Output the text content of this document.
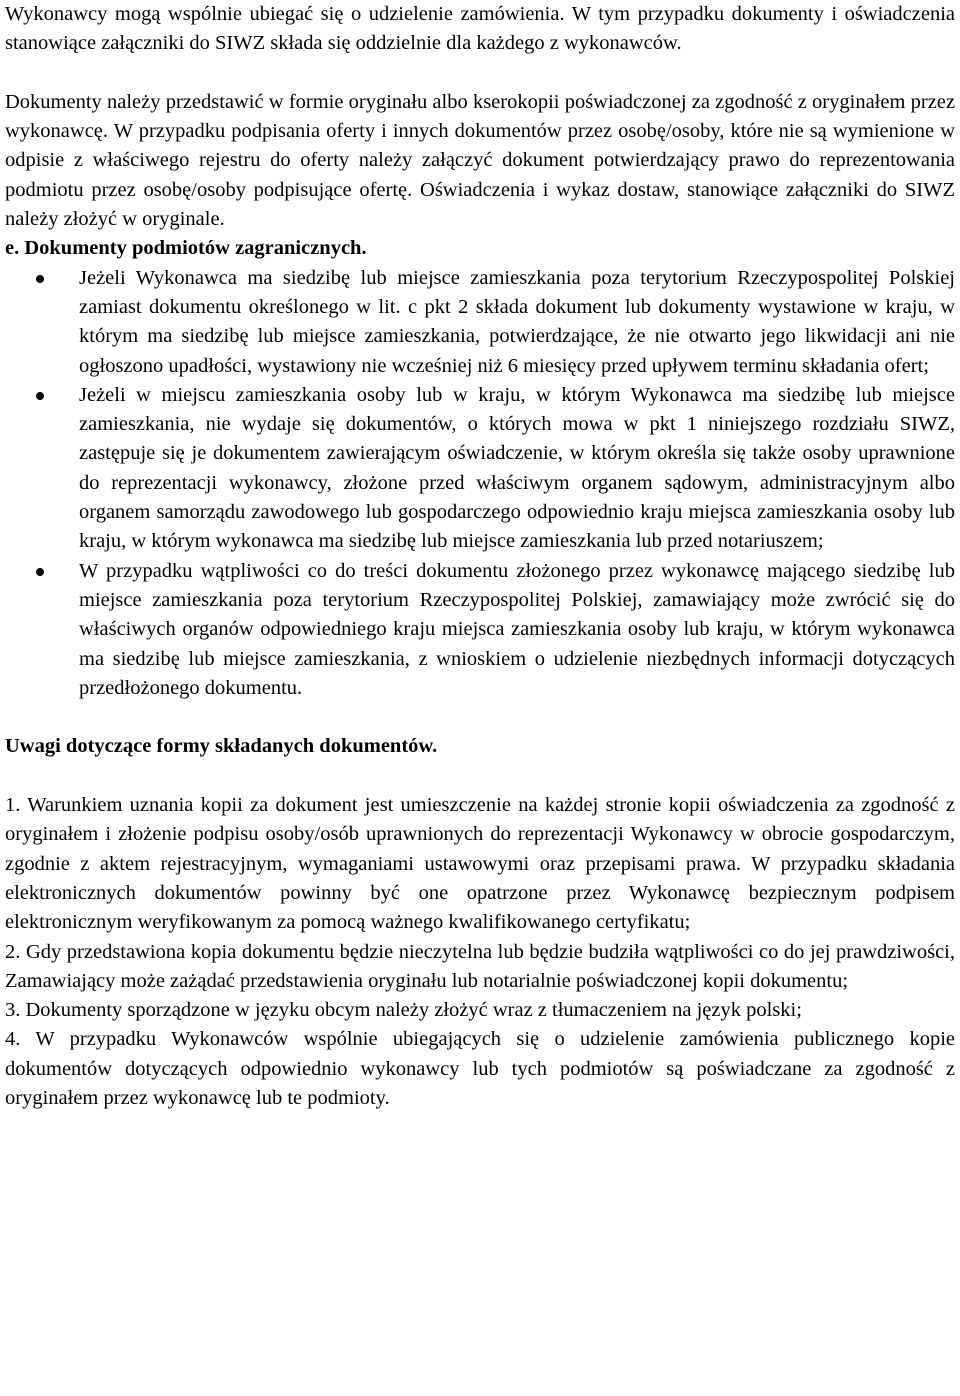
Wykonawcy mogą wspólnie ubiegać się o udzielenie zamówienia. W tym przypadku dokumenty i oświadczenia stanowiące załączniki do SIWZ składa się oddzielnie dla każdego z wykonawców.

Dokumenty należy przedstawić w formie oryginału albo kserokopii poświadczonej za zgodność z oryginałem przez wykonawcę. W przypadku podpisania oferty i innych dokumentów przez osobę/osoby, które nie są wymienione w odpisie z właściwego rejestru do oferty należy załączyć dokument potwierdzający prawo do reprezentowania podmiotu przez osobę/osoby podpisujące ofertę. Oświadczenia i wykaz dostaw, stanowiące załączniki do SIWZ należy złożyć w oryginale.

e. Dokumenty podmiotów zagranicznych.

Jeżeli Wykonawca ma siedzibę lub miejsce zamieszkania poza terytorium Rzeczypospolitej Polskiej zamiast dokumentu określonego w lit. c pkt 2 składa dokument lub dokumenty wystawione w kraju, w którym ma siedzibę lub miejsce zamieszkania, potwierdzające, że nie otwarto jego likwidacji ani nie ogłoszono upadłości, wystawiony nie wcześniej niż 6 miesięcy przed upływem terminu składania ofert;
Jeżeli w miejscu zamieszkania osoby lub w kraju, w którym Wykonawca ma siedzibę lub miejsce zamieszkania, nie wydaje się dokumentów, o których mowa w pkt 1 niniejszego rozdziału SIWZ, zastępuje się je dokumentem zawierającym oświadczenie, w którym określa się także osoby uprawnione do reprezentacji wykonawcy, złożone przed właściwym organem sądowym, administracyjnym albo organem samorządu zawodowego lub gospodarczego odpowiednio kraju miejsca zamieszkania osoby lub kraju, w którym wykonawca ma siedzibę lub miejsce zamieszkania lub przed notariuszem;
W przypadku wątpliwości co do treści dokumentu złożonego przez wykonawcę mającego siedzibę lub miejsce zamieszkania poza terytorium Rzeczypospolitej Polskiej, zamawiający może zwrócić się do właściwych organów odpowiedniego kraju miejsca zamieszkania osoby lub kraju, w którym wykonawca ma siedzibę lub miejsce zamieszkania, z wnioskiem o udzielenie niezbędnych informacji dotyczących przedłożonego dokumentu.

Uwagi dotyczące formy składanych dokumentów.

1. Warunkiem uznania kopii za dokument jest umieszczenie na każdej stronie kopii oświadczenia za zgodność z oryginałem i złożenie podpisu osoby/osób uprawnionych do reprezentacji Wykonawcy w obrocie gospodarczym, zgodnie z aktem rejestracyjnym, wymaganiami ustawowymi oraz przepisami prawa. W przypadku składania elektronicznych dokumentów powinny być one opatrzone przez Wykonawcę bezpiecznym podpisem elektronicznym weryfikowanym za pomocą ważnego kwalifikowanego certyfikatu;

2. Gdy przedstawiona kopia dokumentu będzie nieczytelna lub będzie budziła wątpliwości co do jej prawdziwości, Zamawiający może zażądać przedstawienia oryginału lub notarialnie poświadczonej kopii dokumentu;

3. Dokumenty sporządzone w języku obcym należy złożyć wraz z tłumaczeniem na język polski;

4. W przypadku Wykonawców wspólnie ubiegających się o udzielenie zamówienia publicznego kopie dokumentów dotyczących odpowiednio wykonawcy lub tych podmiotów są poświadczane za zgodność z oryginałem przez wykonawcę lub te podmioty.
